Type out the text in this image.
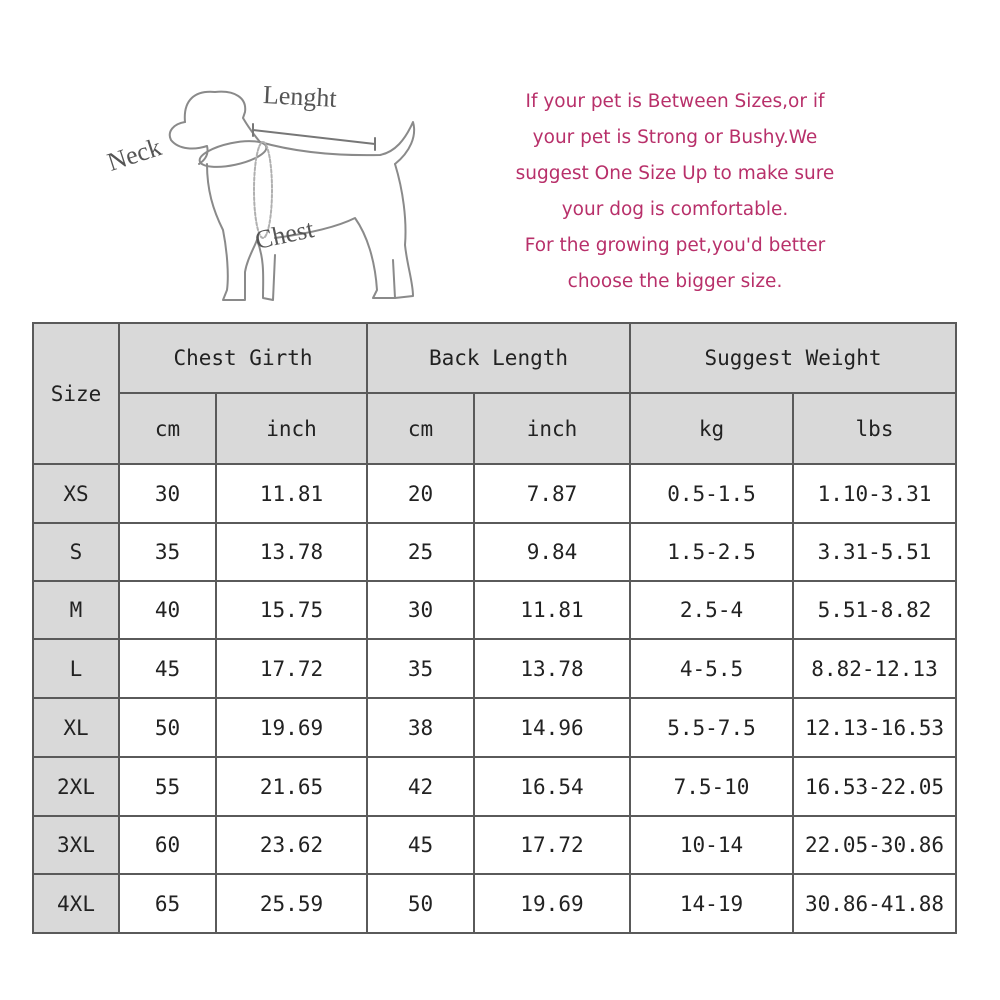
Neck
Lenght
Chest
If your pet is Between Sizes,or if
your pet is Strong or Bushy.We
suggest One Size Up to make sure
your dog is comfortable.
For the growing pet,you'd better
choose the bigger size.
Size	Chest Girth		Back Length		Suggest Weight	
	cm	inch	cm	inch	kg	lbs
XS	30	11.81	20	7.87	0.5-1.5	1.10-3.31
S	35	13.78	25	9.84	1.5-2.5	3.31-5.51
M	40	15.75	30	11.81	2.5-4	5.51-8.82
L	45	17.72	35	13.78	4-5.5	8.82-12.13
XL	50	19.69	38	14.96	5.5-7.5	12.13-16.53
2XL	55	21.65	42	16.54	7.5-10	16.53-22.05
3XL	60	23.62	45	17.72	10-14	22.05-30.86
4XL	65	25.59	50	19.69	14-19	30.86-41.88
